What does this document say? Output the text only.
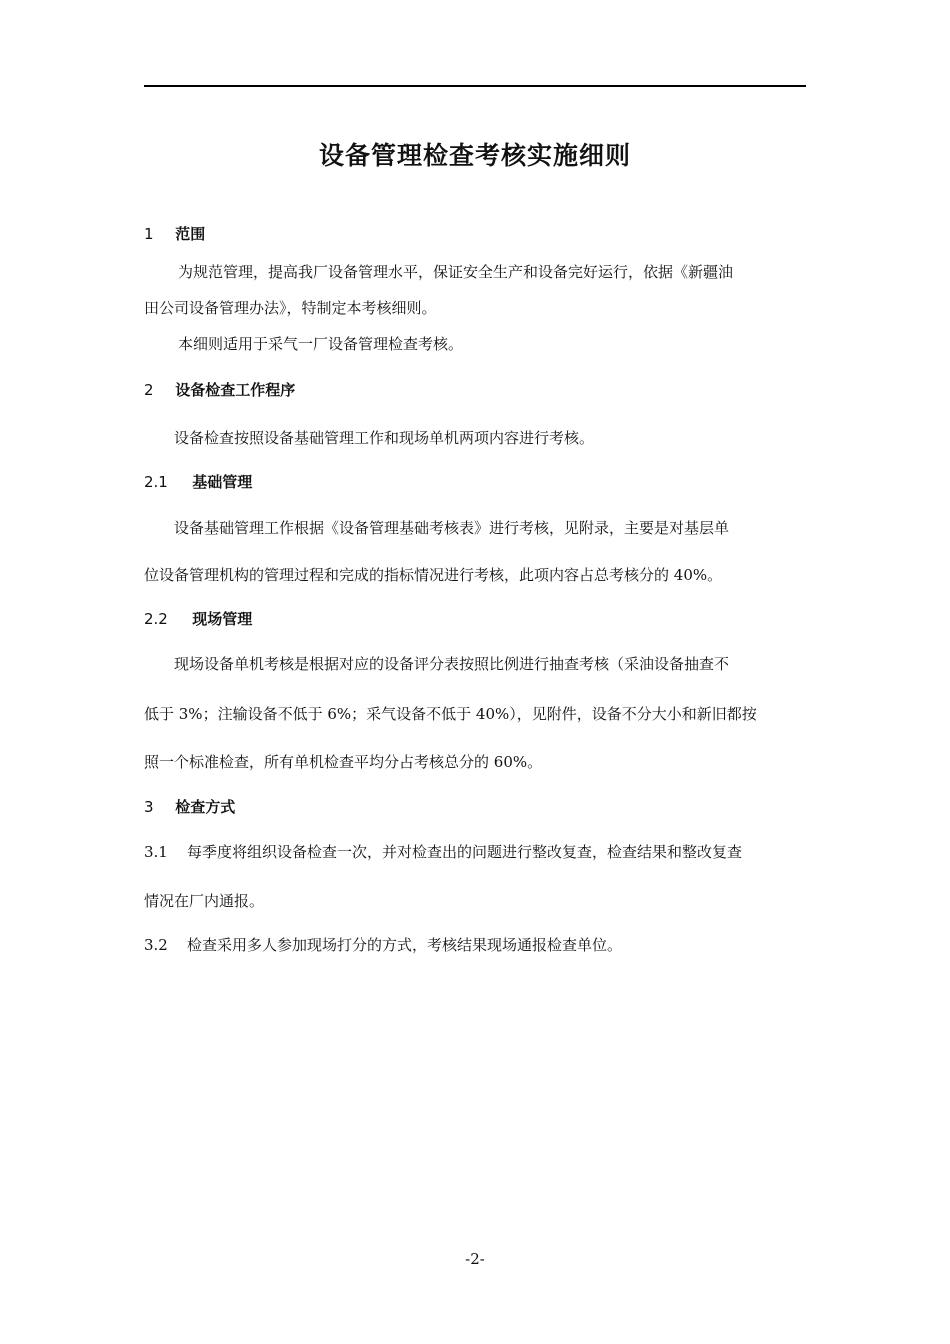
设备管理检查考核实施细则
1 范围
为规范管理，提高我厂设备管理水平，保证安全生产和设备完好运行，依据《新疆油
田公司设备管理办法》，特制定本考核细则。
本细则适用于采气一厂设备管理检查考核。
2 设备检查工作程序
设备检查按照设备基础管理工作和现场单机两项内容进行考核。
2.1 基础管理
设备基础管理工作根据《设备管理基础考核表》进行考核，见附录，主要是对基层单
位设备管理机构的管理过程和完成的指标情况进行考核，此项内容占总考核分的 40%。
2.2 现场管理
现场设备单机考核是根据对应的设备评分表按照比例进行抽查考核（采油设备抽查不
低于 3%；注输设备不低于 6%；采气设备不低于 40%），见附件，设备不分大小和新旧都按
照一个标准检查，所有单机检查平均分占考核总分的 60%。
3 检查方式
3.1 每季度将组织设备检查一次，并对检查出的问题进行整改复查，检查结果和整改复查
情况在厂内通报。
3.2 检查采用多人参加现场打分的方式，考核结果现场通报检查单位。
-2-
